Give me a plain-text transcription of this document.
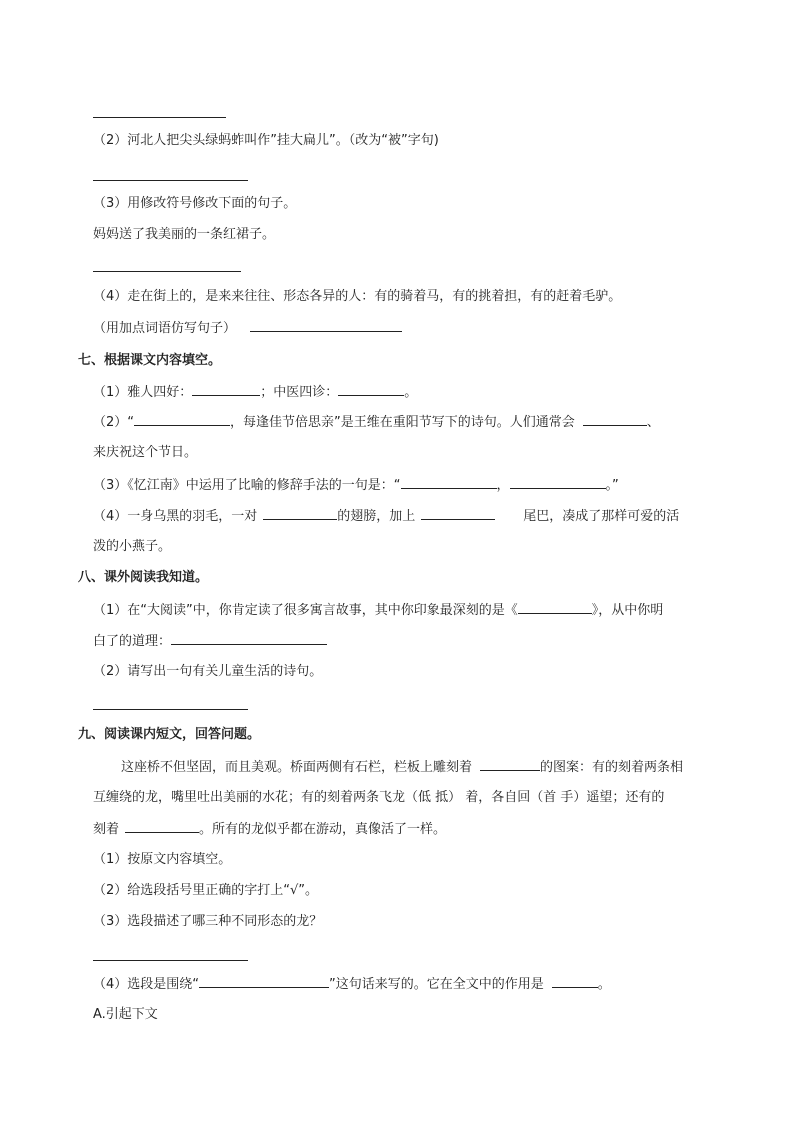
（2）河北人把尖头绿蚂蚱叫作”挂大扁儿”。（改为“被”字句)
（3）用修改符号修改下面的句子。
妈妈送了我美丽的一条红裙子。
（4）走在街上的，是来来往往、形态各异的人：有的骑着马，有的挑着担，有的赶着毛驴。
（用加点词语仿写句子）
七、根据课文内容填空。
（1）雅人四好：	；中医四诊：	。
（2）“	，每逢佳节倍思亲”是王维在重阳节写下的诗句。人们通常会	、
来庆祝这个节日。
（3）《忆江南》中运用了比喻的修辞手法的一句是：“	，	。”
（4）一身乌黑的羽毛，一对	的翅膀，加上	尾巴，凑成了那样可爱的活
泼的小燕子。
八、课外阅读我知道。
（1）在“大阅读”中，你肯定读了很多寓言故事，其中你印象最深刻的是《	》，从中你明
白了的道理：
（2）请写出一句有关儿童生活的诗句。
九、阅读课内短文，回答问题。
这座桥不但坚固，而且美观。桥面两侧有石栏，栏板上雕刻着	的图案：有的刻着两条相
互缠绕的龙，嘴里吐出美丽的水花；有的刻着两条飞龙（低 抵） 着，各自回（首 手）遥望；还有的
刻着	。所有的龙似乎都在游动，真像活了一样。
（1）按原文内容填空。
（2）给选段括号里正确的字打上“√”。
（3）选段描述了哪三种不同形态的龙？
（4）选段是围绕“	”这句话来写的。它在全文中的作用是	。
A.引起下文
